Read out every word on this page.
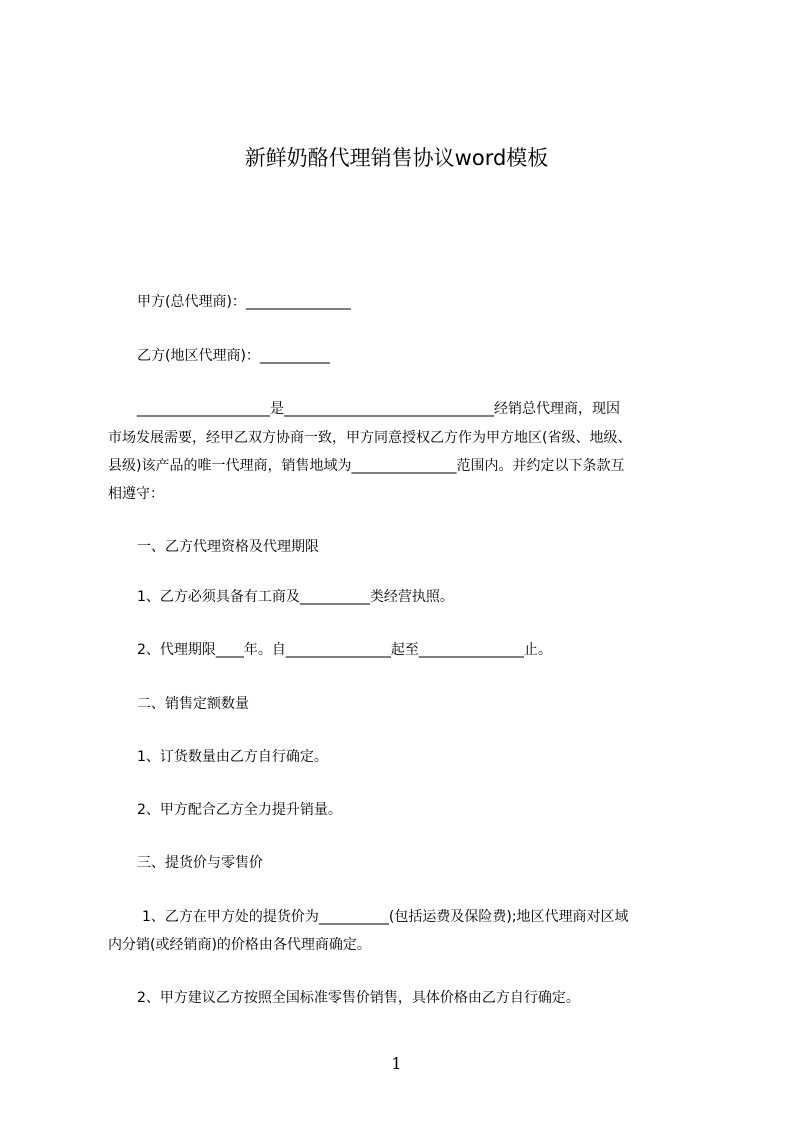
新鲜奶酪代理销售协议word模板
甲方(总代理商)：_______________
乙方(地区代理商)：__________
___________________是______________________________经销总代理商，现因
市场发展需要，经甲乙双方协商一致，甲方同意授权乙方作为甲方地区(省级、地级、
县级)该产品的唯一代理商，销售地域为_______________范围内。并约定以下条款互
相遵守：
一、乙方代理资格及代理期限
1、乙方必须具备有工商及__________类经营执照。
2、代理期限____年。自_______________起至_______________止。
二、销售定额数量
1、订货数量由乙方自行确定。
2、甲方配合乙方全力提升销量。
三、提货价与零售价
1、乙方在甲方处的提货价为__________(包括运费及保险费);地区代理商对区域
内分销(或经销商)的价格由各代理商确定。
2、甲方建议乙方按照全国标准零售价销售，具体价格由乙方自行确定。
1
